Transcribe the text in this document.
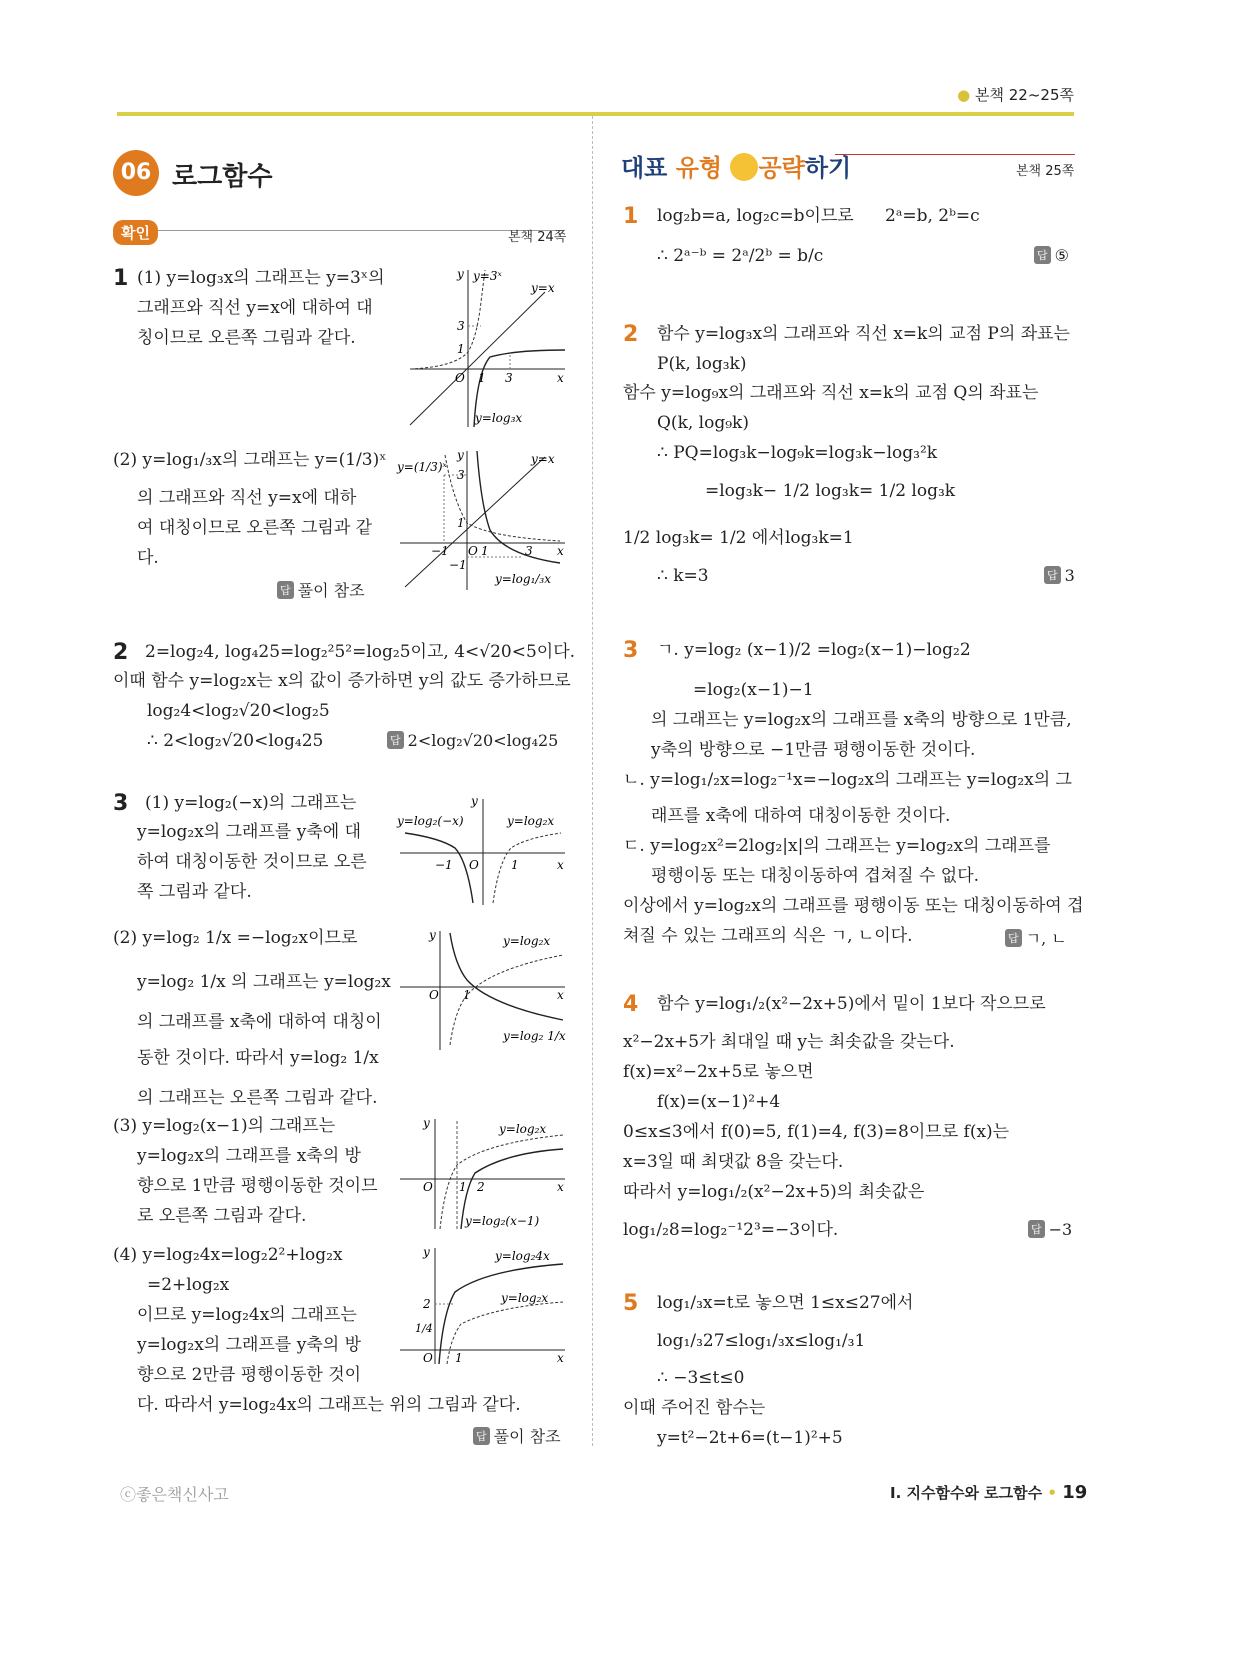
● 본책 22~25쪽
06 로그함수
확인	본책 24쪽
대표 유형 공략하기	본책 25쪽
1 (1) y=log₃x의 그래프는 y=3ˣ의
그래프와 직선 y=x에 대하여 대
칭이므로 오른쪽 그림과 같다.
y=3ˣ
y=x
y=log₃x
3
1
O 1 3	x
y
(2) y=log₁/₃x의 그래프는 y=(1/3)ˣ
의 그래프와 직선 y=x에 대하
여 대칭이므로 오른쪽 그림과 같
다.
답 풀이 참조
y=(1/3)ˣ
y=x
y=log₁/₃x
3
1
−1
O
−1	1	3 x
y
2 2=log₂4, log₄25=log₂²5²=log₂5이고, 4<√20<5이다.
이때 함수 y=log₂x는 x의 값이 증가하면 y의 값도 증가하므로
log₂4<log₂√20<log₂5
∴ 2<log₂√20<log₄25	답 2<log₂√20<log₄25
3 (1) y=log₂(−x)의 그래프는
y=log₂x의 그래프를 y축에 대
하여 대칭이동한 것이므로 오른
쪽 그림과 같다.
y=log₂(−x)	y=log₂x
O
−1	1	x
y
(2) y=log₂ 1/x =−log₂x이므로
y=log₂ 1/x 의 그래프는 y=log₂x
의 그래프를 x축에 대하여 대칭이
동한 것이다. 따라서 y=log₂ 1/x
의 그래프는 오른쪽 그림과 같다.
y=log₂x
y=log₂ 1/x
O 1	x
y
(3) y=log₂(x−1)의 그래프는
y=log₂x의 그래프를 x축의 방
향으로 1만큼 평행이동한 것이므
로 오른쪽 그림과 같다.
y=log₂x
y=log₂(x−1)
O 1 2	x
y
(4) y=log₂4x=log₂2²+log₂x
=2+log₂x
이므로 y=log₂4x의 그래프는
y=log₂x의 그래프를 y축의 방
향으로 2만큼 평행이동한 것이
다. 따라서 y=log₂4x의 그래프는 위의 그림과 같다.
답 풀이 참조
y=log₂4x
y=log₂x
2
1/4
O 1	x
y
1 log₂b=a, log₂c=b이므로 2ᵃ=b, 2ᵇ=c
∴ 2ᵃ⁻ᵇ = 2ᵃ/2ᵇ = b/c	답 ⑤
2 함수 y=log₃x의 그래프와 직선 x=k의 교점 P의 좌표는
P(k, log₃k)
함수 y=log₉x의 그래프와 직선 x=k의 교점 Q의 좌표는
Q(k, log₉k)
∴ PQ=log₃k−log₉k=log₃k−log₃²k
=log₃k− 1/2 log₃k= 1/2 log₃k
1/2 log₃k= 1/2 에서 log₃k=1
∴ k=3	답 3
3 ㄱ. y=log₂ (x−1)/2 =log₂(x−1)−log₂2
=log₂(x−1)−1
의 그래프는 y=log₂x의 그래프를 x축의 방향으로 1만큼,
y축의 방향으로 −1만큼 평행이동한 것이다.
ㄴ. y=log₁/₂x=log₂⁻¹x=−log₂x의 그래프는 y=log₂x의 그
래프를 x축에 대하여 대칭이동한 것이다.
ㄷ. y=log₂x²=2log₂|x|의 그래프는 y=log₂x의 그래프를
평행이동 또는 대칭이동하여 겹쳐질 수 없다.
이상에서 y=log₂x의 그래프를 평행이동 또는 대칭이동하여 겹
쳐질 수 있는 그래프의 식은 ㄱ, ㄴ이다.	답 ㄱ, ㄴ
4 함수 y=log₁/₂(x²−2x+5)에서 밑이 1보다 작으므로
x²−2x+5가 최대일 때 y는 최솟값을 갖는다.
f(x)=x²−2x+5로 놓으면
f(x)=(x−1)²+4
0≤x≤3에서 f(0)=5, f(1)=4, f(3)=8이므로 f(x)는
x=3일 때 최댓값 8을 갖는다.
따라서 y=log₁/₂(x²−2x+5)의 최솟값은
log₁/₂8=log₂⁻¹2³=−3이다.	답 −3
5 log₁/₃x=t로 놓으면 1≤x≤27에서
log₁/₃27≤log₁/₃x≤log₁/₃1
∴ −3≤t≤0
이때 주어진 함수는
y=t²−2t+6=(t−1)²+5
ⓒ좋은책신사고	Ⅰ. 지수함수와 로그함수 • 19
